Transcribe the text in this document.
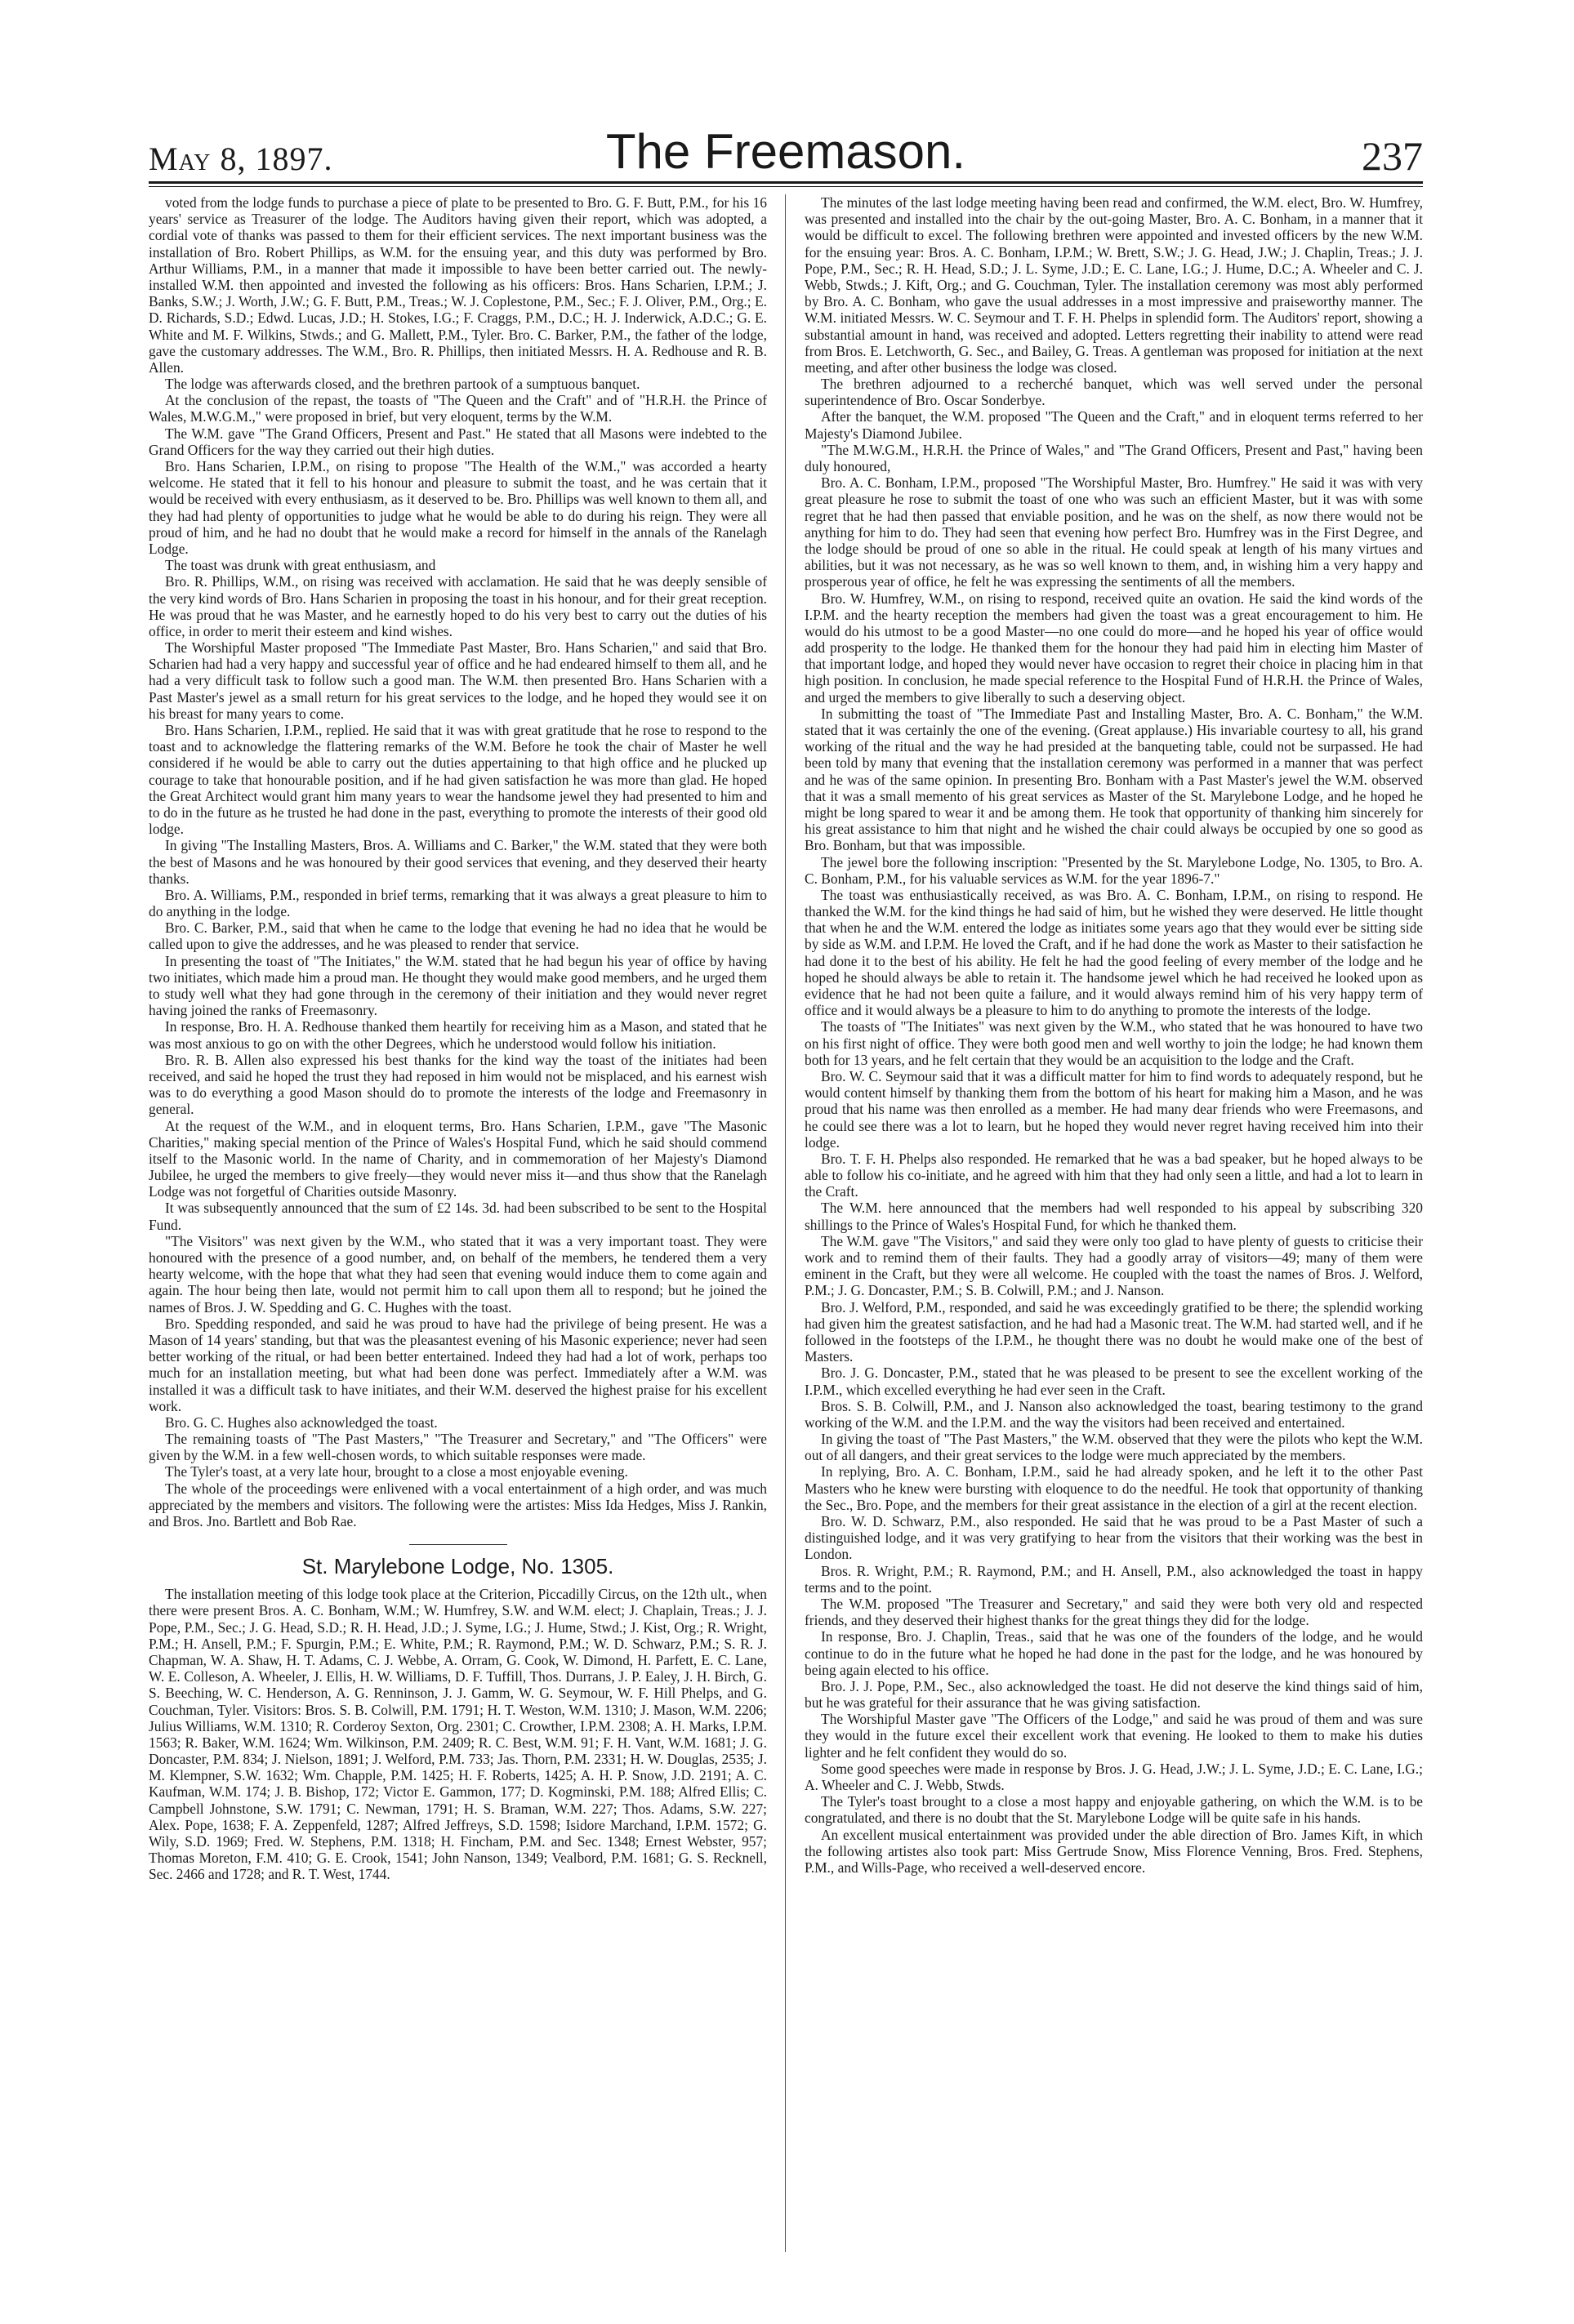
May 8, 1897.	The Freemason.	237

voted from the lodge funds to purchase a piece of plate to be presented to Bro. G. F. Butt, P.M., for his 16 years' service as Treasurer of the lodge. The Auditors having given their report, which was adopted, a cordial vote of thanks was passed to them for their efficient services. The next important business was the installation of Bro. Robert Phillips, as W.M. for the ensuing year, and this duty was performed by Bro. Arthur Williams, P.M., in a manner that made it impossible to have been better carried out. The newly-installed W.M. then appointed and invested the following as his officers: Bros. Hans Scharien, I.P.M.; J. Banks, S.W.; J. Worth, J.W.; G. F. Butt, P.M., Treas.; W. J. Coplestone, P.M., Sec.; F. J. Oliver, P.M., Org.; E. D. Richards, S.D.; Edwd. Lucas, J.D.; H. Stokes, I.G.; F. Craggs, P.M., D.C.; H. J. Inderwick, A.D.C.; G. E. White and M. F. Wilkins, Stwds.; and G. Mallett, P.M., Tyler. Bro. C. Barker, P.M., the father of the lodge, gave the customary addresses. The W.M., Bro. R. Phillips, then initiated Messrs. H. A. Redhouse and R. B. Allen.

The lodge was afterwards closed, and the brethren partook of a sumptuous banquet.

At the conclusion of the repast, the toasts of "The Queen and the Craft" and of "H.R.H. the Prince of Wales, M.W.G.M.," were proposed in brief, but very eloquent, terms by the W.M.

The W.M. gave "The Grand Officers, Present and Past." He stated that all Masons were indebted to the Grand Officers for the way they carried out their high duties.

Bro. Hans Scharien, I.P.M., on rising to propose "The Health of the W.M.," was accorded a hearty welcome. He stated that it fell to his honour and pleasure to submit the toast, and he was certain that it would be received with every enthusiasm, as it deserved to be. Bro. Phillips was well known to them all, and they had had plenty of opportunities to judge what he would be able to do during his reign. They were all proud of him, and he had no doubt that he would make a record for himself in the annals of the Ranelagh Lodge.

The toast was drunk with great enthusiasm, and

Bro. R. Phillips, W.M., on rising was received with acclamation. He said that he was deeply sensible of the very kind words of Bro. Hans Scharien in proposing the toast in his honour, and for their great reception. He was proud that he was Master, and he earnestly hoped to do his very best to carry out the duties of his office, in order to merit their esteem and kind wishes.

The Worshipful Master proposed "The Immediate Past Master, Bro. Hans Scharien," and said that Bro. Scharien had had a very happy and successful year of office and he had endeared himself to them all, and he had a very difficult task to follow such a good man. The W.M. then presented Bro. Hans Scharien with a Past Master's jewel as a small return for his great services to the lodge, and he hoped they would see it on his breast for many years to come.

Bro. Hans Scharien, I.P.M., replied. He said that it was with great gratitude that he rose to respond to the toast and to acknowledge the flattering remarks of the W.M. Before he took the chair of Master he well considered if he would be able to carry out the duties appertaining to that high office and he plucked up courage to take that honourable position, and if he had given satisfaction he was more than glad. He hoped the Great Architect would grant him many years to wear the handsome jewel they had presented to him and to do in the future as he trusted he had done in the past, everything to promote the interests of their good old lodge.

In giving "The Installing Masters, Bros. A. Williams and C. Barker," the W.M. stated that they were both the best of Masons and he was honoured by their good services that evening, and they deserved their hearty thanks.

Bro. A. Williams, P.M., responded in brief terms, remarking that it was always a great pleasure to him to do anything in the lodge.

Bro. C. Barker, P.M., said that when he came to the lodge that evening he had no idea that he would be called upon to give the addresses, and he was pleased to render that service.

In presenting the toast of "The Initiates," the W.M. stated that he had begun his year of office by having two initiates, which made him a proud man. He thought they would make good members, and he urged them to study well what they had gone through in the ceremony of their initiation and they would never regret having joined the ranks of Freemasonry.

In response, Bro. H. A. Redhouse thanked them heartily for receiving him as a Mason, and stated that he was most anxious to go on with the other Degrees, which he understood would follow his initiation.

Bro. R. B. Allen also expressed his best thanks for the kind way the toast of the initiates had been received, and said he hoped the trust they had reposed in him would not be misplaced, and his earnest wish was to do everything a good Mason should do to promote the interests of the lodge and Freemasonry in general.

At the request of the W.M., and in eloquent terms, Bro. Hans Scharien, I.P.M., gave "The Masonic Charities," making special mention of the Prince of Wales's Hospital Fund, which he said should commend itself to the Masonic world. In the name of Charity, and in commemoration of her Majesty's Diamond Jubilee, he urged the members to give freely—they would never miss it—and thus show that the Ranelagh Lodge was not forgetful of Charities outside Masonry.

It was subsequently announced that the sum of £2 14s. 3d. had been subscribed to be sent to the Hospital Fund.

"The Visitors" was next given by the W.M., who stated that it was a very important toast. They were honoured with the presence of a good number, and, on behalf of the members, he tendered them a very hearty welcome, with the hope that what they had seen that evening would induce them to come again and again. The hour being then late, would not permit him to call upon them all to respond; but he joined the names of Bros. J. W. Spedding and G. C. Hughes with the toast.

Bro. Spedding responded, and said he was proud to have had the privilege of being present. He was a Mason of 14 years' standing, but that was the pleasantest evening of his Masonic experience; never had seen better working of the ritual, or had been better entertained. Indeed they had had a lot of work, perhaps too much for an installation meeting, but what had been done was perfect. Immediately after a W.M. was installed it was a difficult task to have initiates, and their W.M. deserved the highest praise for his excellent work.

Bro. G. C. Hughes also acknowledged the toast.

The remaining toasts of "The Past Masters," "The Treasurer and Secretary," and "The Officers" were given by the W.M. in a few well-chosen words, to which suitable responses were made.

The Tyler's toast, at a very late hour, brought to a close a most enjoyable evening.

The whole of the proceedings were enlivened with a vocal entertainment of a high order, and was much appreciated by the members and visitors. The following were the artistes: Miss Ida Hedges, Miss J. Rankin, and Bros. Jno. Bartlett and Bob Rae.

St. Marylebone Lodge, No. 1305.

The installation meeting of this lodge took place at the Criterion, Piccadilly Circus, on the 12th ult., when there were present Bros. A. C. Bonham, W.M.; W. Humfrey, S.W. and W.M. elect; J. Chaplain, Treas.; J. J. Pope, P.M., Sec.; J. G. Head, S.D.; R. H. Head, J.D.; J. Syme, I.G.; J. Hume, Stwd.; J. Kist, Org.; R. Wright, P.M.; H. Ansell, P.M.; F. Spurgin, P.M.; E. White, P.M.; R. Raymond, P.M.; W. D. Schwarz, P.M.; S. R. J. Chapman, W. A. Shaw, H. T. Adams, C. J. Webbe, A. Orram, G. Cook, W. Dimond, H. Parfett, E. C. Lane, W. E. Colleson, A. Wheeler, J. Ellis, H. W. Williams, D. F. Tuffill, Thos. Durrans, J. P. Ealey, J. H. Birch, G. S. Beeching, W. C. Henderson, A. G. Renninson, J. J. Gamm, W. G. Seymour, W. F. Hill Phelps, and G. Couchman, Tyler. Visitors: Bros. S. B. Colwill, P.M. 1791; H. T. Weston, W.M. 1310; J. Mason, W.M. 2206; Julius Williams, W.M. 1310; R. Corderoy Sexton, Org. 2301; C. Crowther, I.P.M. 2308; A. H. Marks, I.P.M. 1563; R. Baker, W.M. 1624; Wm. Wilkinson, P.M. 2409; R. C. Best, W.M. 91; F. H. Vant, W.M. 1681; J. G. Doncaster, P.M. 834; J. Nielson, 1891; J. Welford, P.M. 733; Jas. Thorn, P.M. 2331; H. W. Douglas, 2535; J. M. Klempner, S.W. 1632; Wm. Chapple, P.M. 1425; H. F. Roberts, 1425; A. H. P. Snow, J.D. 2191; A. C. Kaufman, W.M. 174; J. B. Bishop, 172; Victor E. Gammon, 177; D. Kogminski, P.M. 188; Alfred Ellis; C. Campbell Johnstone, S.W. 1791; C. Newman, 1791; H. S. Braman, W.M. 227; Thos. Adams, S.W. 227; Alex. Pope, 1638; F. A. Zeppenfeld, 1287; Alfred Jeffreys, S.D. 1598; Isidore Marchand, I.P.M. 1572; G. Wily, S.D. 1969; Fred. W. Stephens, P.M. 1318; H. Fincham, P.M. and Sec. 1348; Ernest Webster, 957; Thomas Moreton, F.M. 410; G. E. Crook, 1541; John Nanson, 1349; Vealbord, P.M. 1681; G. S. Recknell, Sec. 2466 and 1728; and R. T. West, 1744.

The minutes of the last lodge meeting having been read and confirmed, the W.M. elect, Bro. W. Humfrey, was presented and installed into the chair by the out-going Master, Bro. A. C. Bonham, in a manner that it would be difficult to excel. The following brethren were appointed and invested officers by the new W.M. for the ensuing year: Bros. A. C. Bonham, I.P.M.; W. Brett, S.W.; J. G. Head, J.W.; J. Chaplin, Treas.; J. J. Pope, P.M., Sec.; R. H. Head, S.D.; J. L. Syme, J.D.; E. C. Lane, I.G.; J. Hume, D.C.; A. Wheeler and C. J. Webb, Stwds.; J. Kift, Org.; and G. Couchman, Tyler. The installation ceremony was most ably performed by Bro. A. C. Bonham, who gave the usual addresses in a most impressive and praiseworthy manner. The W.M. initiated Messrs. W. C. Seymour and T. F. H. Phelps in splendid form. The Auditors' report, showing a substantial amount in hand, was received and adopted. Letters regretting their inability to attend were read from Bros. E. Letchworth, G. Sec., and Bailey, G. Treas. A gentleman was proposed for initiation at the next meeting, and after other business the lodge was closed.

The brethren adjourned to a recherché banquet, which was well served under the personal superintendence of Bro. Oscar Sonderbye.

After the banquet, the W.M. proposed "The Queen and the Craft," and in eloquent terms referred to her Majesty's Diamond Jubilee.

"The M.W.G.M., H.R.H. the Prince of Wales," and "The Grand Officers, Present and Past," having been duly honoured,

Bro. A. C. Bonham, I.P.M., proposed "The Worshipful Master, Bro. Humfrey." He said it was with very great pleasure he rose to submit the toast of one who was such an efficient Master, but it was with some regret that he had then passed that enviable position, and he was on the shelf, as now there would not be anything for him to do. They had seen that evening how perfect Bro. Humfrey was in the First Degree, and the lodge should be proud of one so able in the ritual. He could speak at length of his many virtues and abilities, but it was not necessary, as he was so well known to them, and, in wishing him a very happy and prosperous year of office, he felt he was expressing the sentiments of all the members.

Bro. W. Humfrey, W.M., on rising to respond, received quite an ovation. He said the kind words of the I.P.M. and the hearty reception the members had given the toast was a great encouragement to him. He would do his utmost to be a good Master—no one could do more—and he hoped his year of office would add prosperity to the lodge. He thanked them for the honour they had paid him in electing him Master of that important lodge, and hoped they would never have occasion to regret their choice in placing him in that high position. In conclusion, he made special reference to the Hospital Fund of H.R.H. the Prince of Wales, and urged the members to give liberally to such a deserving object.

In submitting the toast of "The Immediate Past and Installing Master, Bro. A. C. Bonham," the W.M. stated that it was certainly the one of the evening. (Great applause.) His invariable courtesy to all, his grand working of the ritual and the way he had presided at the banqueting table, could not be surpassed. He had been told by many that evening that the installation ceremony was performed in a manner that was perfect and he was of the same opinion. In presenting Bro. Bonham with a Past Master's jewel the W.M. observed that it was a small memento of his great services as Master of the St. Marylebone Lodge, and he hoped he might be long spared to wear it and be among them. He took that opportunity of thanking him sincerely for his great assistance to him that night and he wished the chair could always be occupied by one so good as Bro. Bonham, but that was impossible.

The jewel bore the following inscription: "Presented by the St. Marylebone Lodge, No. 1305, to Bro. A. C. Bonham, P.M., for his valuable services as W.M. for the year 1896-7."

The toast was enthusiastically received, as was Bro. A. C. Bonham, I.P.M., on rising to respond. He thanked the W.M. for the kind things he had said of him, but he wished they were deserved. He little thought that when he and the W.M. entered the lodge as initiates some years ago that they would ever be sitting side by side as W.M. and I.P.M. He loved the Craft, and if he had done the work as Master to their satisfaction he had done it to the best of his ability. He felt he had the good feeling of every member of the lodge and he hoped he should always be able to retain it. The handsome jewel which he had received he looked upon as evidence that he had not been quite a failure, and it would always remind him of his very happy term of office and it would always be a pleasure to him to do anything to promote the interests of the lodge.

The toasts of "The Initiates" was next given by the W.M., who stated that he was honoured to have two on his first night of office. They were both good men and well worthy to join the lodge; he had known them both for 13 years, and he felt certain that they would be an acquisition to the lodge and the Craft.

Bro. W. C. Seymour said that it was a difficult matter for him to find words to adequately respond, but he would content himself by thanking them from the bottom of his heart for making him a Mason, and he was proud that his name was then enrolled as a member. He had many dear friends who were Freemasons, and he could see there was a lot to learn, but he hoped they would never regret having received him into their lodge.

Bro. T. F. H. Phelps also responded. He remarked that he was a bad speaker, but he hoped always to be able to follow his co-initiate, and he agreed with him that they had only seen a little, and had a lot to learn in the Craft.

The W.M. here announced that the members had well responded to his appeal by subscribing 320 shillings to the Prince of Wales's Hospital Fund, for which he thanked them.

The W.M. gave "The Visitors," and said they were only too glad to have plenty of guests to criticise their work and to remind them of their faults. They had a goodly array of visitors—49; many of them were eminent in the Craft, but they were all welcome. He coupled with the toast the names of Bros. J. Welford, P.M.; J. G. Doncaster, P.M.; S. B. Colwill, P.M.; and J. Nanson.

Bro. J. Welford, P.M., responded, and said he was exceedingly gratified to be there; the splendid working had given him the greatest satisfaction, and he had had a Masonic treat. The W.M. had started well, and if he followed in the footsteps of the I.P.M., he thought there was no doubt he would make one of the best of Masters.

Bro. J. G. Doncaster, P.M., stated that he was pleased to be present to see the excellent working of the I.P.M., which excelled everything he had ever seen in the Craft.

Bros. S. B. Colwill, P.M., and J. Nanson also acknowledged the toast, bearing testimony to the grand working of the W.M. and the I.P.M. and the way the visitors had been received and entertained.

In giving the toast of "The Past Masters," the W.M. observed that they were the pilots who kept the W.M. out of all dangers, and their great services to the lodge were much appreciated by the members.

In replying, Bro. A. C. Bonham, I.P.M., said he had already spoken, and he left it to the other Past Masters who he knew were bursting with eloquence to do the needful. He took that opportunity of thanking the Sec., Bro. Pope, and the members for their great assistance in the election of a girl at the recent election.

Bro. W. D. Schwarz, P.M., also responded. He said that he was proud to be a Past Master of such a distinguished lodge, and it was very gratifying to hear from the visitors that their working was the best in London.

Bros. R. Wright, P.M.; R. Raymond, P.M.; and H. Ansell, P.M., also acknowledged the toast in happy terms and to the point.

The W.M. proposed "The Treasurer and Secretary," and said they were both very old and respected friends, and they deserved their highest thanks for the great things they did for the lodge.

In response, Bro. J. Chaplin, Treas., said that he was one of the founders of the lodge, and he would continue to do in the future what he hoped he had done in the past for the lodge, and he was honoured by being again elected to his office.

Bro. J. J. Pope, P.M., Sec., also acknowledged the toast. He did not deserve the kind things said of him, but he was grateful for their assurance that he was giving satisfaction.

The Worshipful Master gave "The Officers of the Lodge," and said he was proud of them and was sure they would in the future excel their excellent work that evening. He looked to them to make his duties lighter and he felt confident they would do so.

Some good speeches were made in response by Bros. J. G. Head, J.W.; J. L. Syme, J.D.; E. C. Lane, I.G.; A. Wheeler and C. J. Webb, Stwds.

The Tyler's toast brought to a close a most happy and enjoyable gathering, on which the W.M. is to be congratulated, and there is no doubt that the St. Marylebone Lodge will be quite safe in his hands.

An excellent musical entertainment was provided under the able direction of Bro. James Kift, in which the following artistes also took part: Miss Gertrude Snow, Miss Florence Venning, Bros. Fred. Stephens, P.M., and Wills-Page, who received a well-deserved encore.
